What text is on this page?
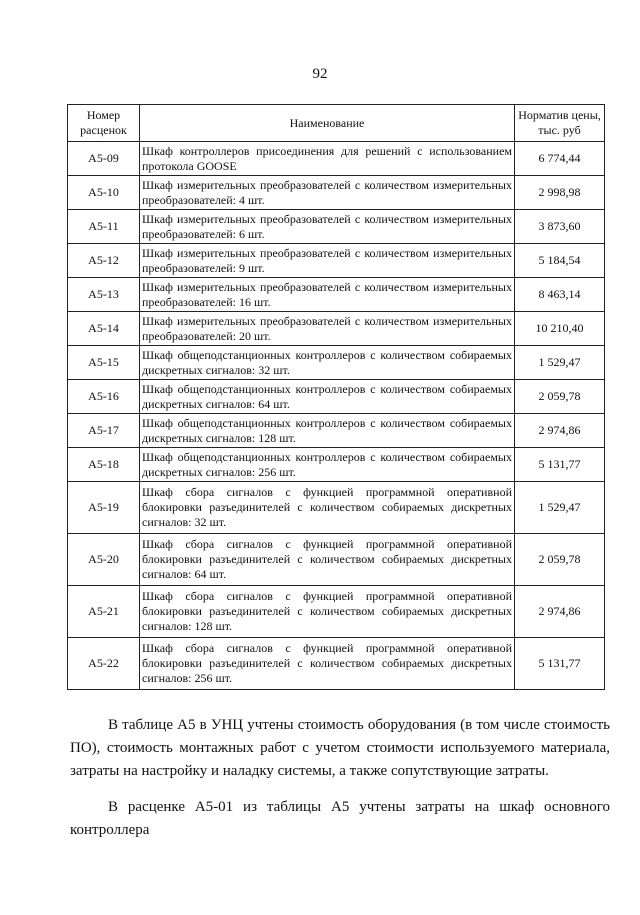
92
Номер расценок	Наименование	Норматив цены, тыс. руб
А5-09	Шкаф контроллеров присоединения для решений с использованием протокола GOOSE	6 774,44
А5-10	Шкаф измерительных преобразователей с количеством измерительных преобразователей: 4 шт.	2 998,98
А5-11	Шкаф измерительных преобразователей с количеством измерительных преобразователей: 6 шт.	3 873,60
А5-12	Шкаф измерительных преобразователей с количеством измерительных преобразователей: 9 шт.	5 184,54
А5-13	Шкаф измерительных преобразователей с количеством измерительных преобразователей: 16 шт.	8 463,14
А5-14	Шкаф измерительных преобразователей с количеством измерительных преобразователей: 20 шт.	10 210,40
А5-15	Шкаф общеподстанционных контроллеров с количеством собираемых дискретных сигналов: 32 шт.	1 529,47
А5-16	Шкаф общеподстанционных контроллеров с количеством собираемых дискретных сигналов: 64 шт.	2 059,78
А5-17	Шкаф общеподстанционных контроллеров с количеством собираемых дискретных сигналов: 128 шт.	2 974,86
А5-18	Шкаф общеподстанционных контроллеров с количеством собираемых дискретных сигналов: 256 шт.	5 131,77
А5-19	Шкаф сбора сигналов с функцией программной оперативной блокировки разъединителей с количеством собираемых дискретных сигналов: 32 шт.	1 529,47
А5-20	Шкаф сбора сигналов с функцией программной оперативной блокировки разъединителей с количеством собираемых дискретных сигналов: 64 шт.	2 059,78
А5-21	Шкаф сбора сигналов с функцией программной оперативной блокировки разъединителей с количеством собираемых дискретных сигналов: 128 шт.	2 974,86
А5-22	Шкаф сбора сигналов с функцией программной оперативной блокировки разъединителей с количеством собираемых дискретных сигналов: 256 шт.	5 131,77
В таблице А5 в УНЦ учтены стоимость оборудования (в том числе стоимость ПО), стоимость монтажных работ с учетом стоимости используемого материала, затраты на настройку и наладку системы, а также сопутствующие затраты.
В расценке А5-01 из таблицы А5 учтены затраты на шкаф основного контроллера
